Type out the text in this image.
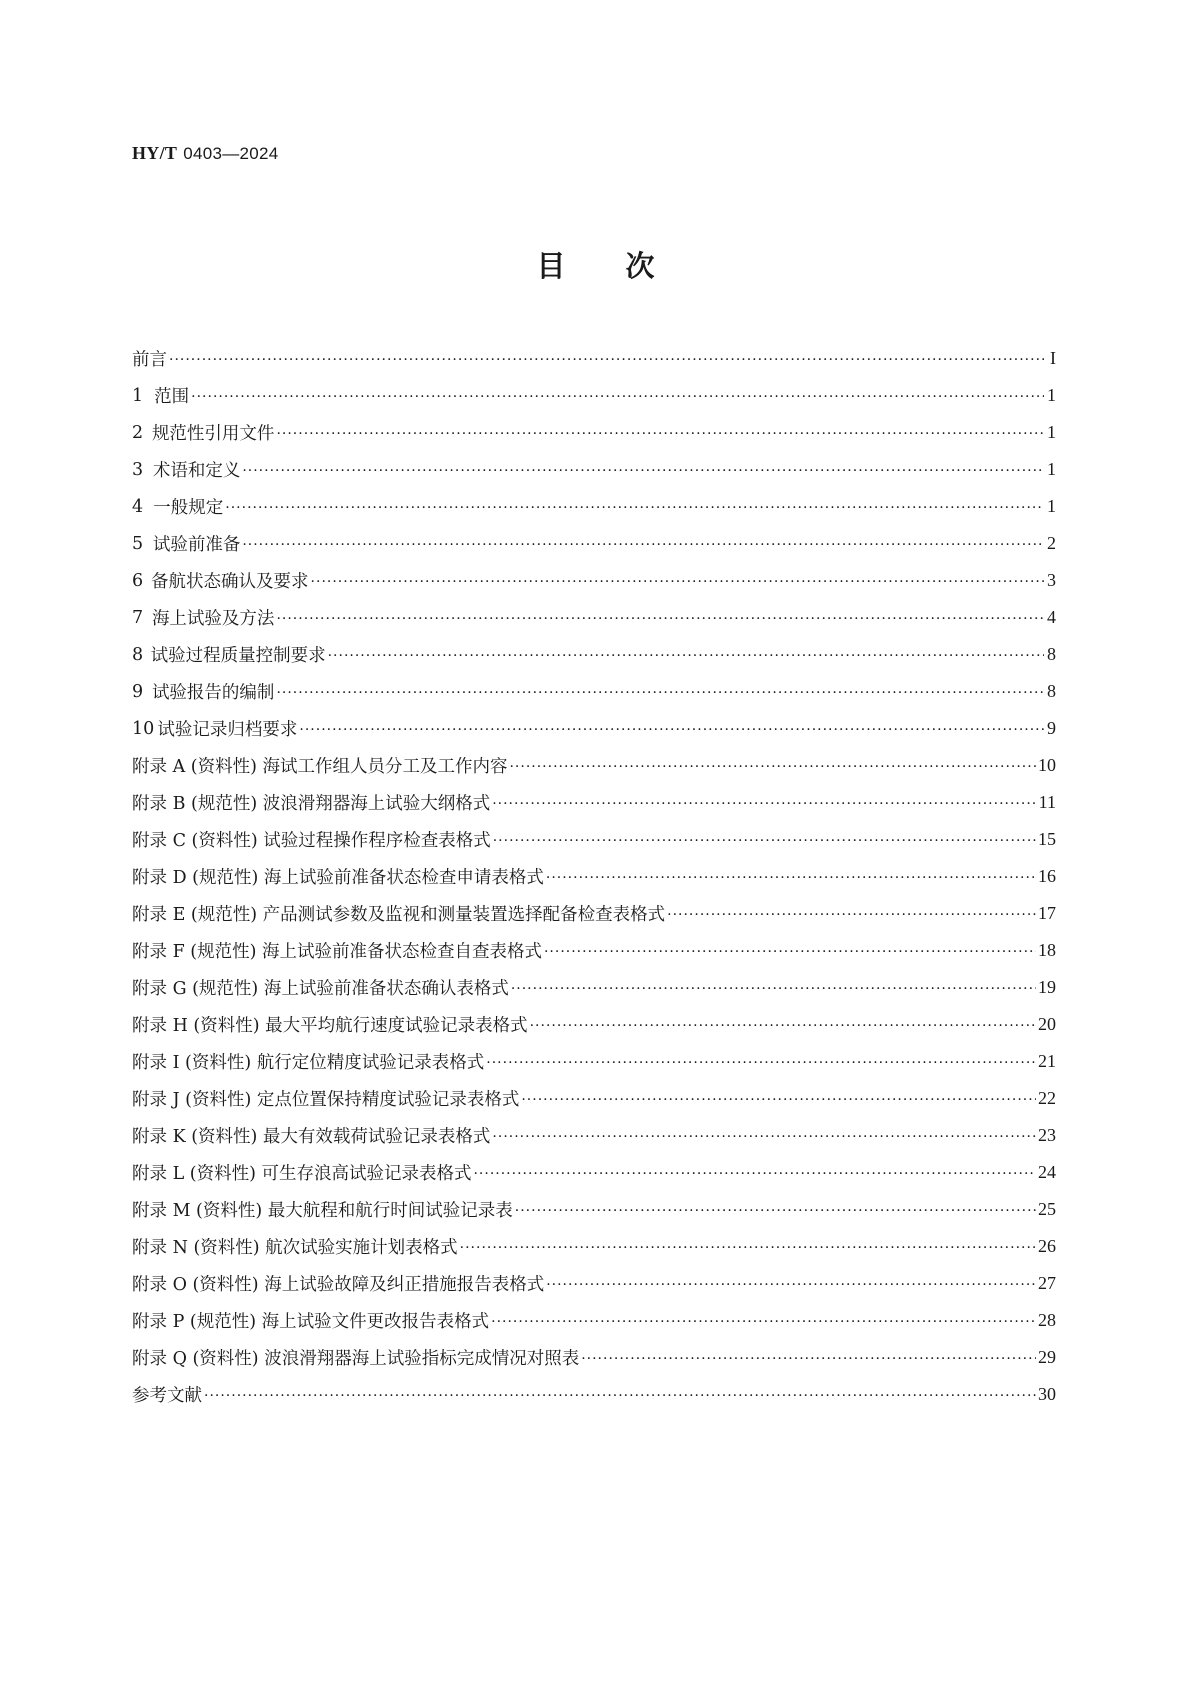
HY/T 0403—2024
目次
前言 ·····	I
1 范围 ·····	1
2 规范性引用文件 ·····	1
3 术语和定义 ·····	1
4 一般规定 ·····	1
5 试验前准备 ·····	2
6 备航状态确认及要求 ·····	3
7 海上试验及方法 ·····	4
8 试验过程质量控制要求 ·····	8
9 试验报告的编制 ·····	8
10 试验记录归档要求 ·····	9
附录 A (资料性) 海试工作组人员分工及工作内容 ·····	10
附录 B (规范性) 波浪滑翔器海上试验大纲格式 ·····	11
附录 C (资料性) 试验过程操作程序检查表格式 ·····	15
附录 D (规范性) 海上试验前准备状态检查申请表格式 ·····	16
附录 E (规范性) 产品测试参数及监视和测量装置选择配备检查表格式 ·····	17
附录 F (规范性) 海上试验前准备状态检查自查表格式 ·····	18
附录 G (规范性) 海上试验前准备状态确认表格式 ·····	19
附录 H (资料性) 最大平均航行速度试验记录表格式 ·····	20
附录 I (资料性) 航行定位精度试验记录表格式 ·····	21
附录 J (资料性) 定点位置保持精度试验记录表格式 ·····	22
附录 K (资料性) 最大有效载荷试验记录表格式 ·····	23
附录 L (资料性) 可生存浪高试验记录表格式 ·····	24
附录 M (资料性) 最大航程和航行时间试验记录表 ·····	25
附录 N (资料性) 航次试验实施计划表格式 ·····	26
附录 O (资料性) 海上试验故障及纠正措施报告表格式 ·····	27
附录 P (规范性) 海上试验文件更改报告表格式 ·····	28
附录 Q (资料性) 波浪滑翔器海上试验指标完成情况对照表 ·····	29
参考文献 ·····	30
